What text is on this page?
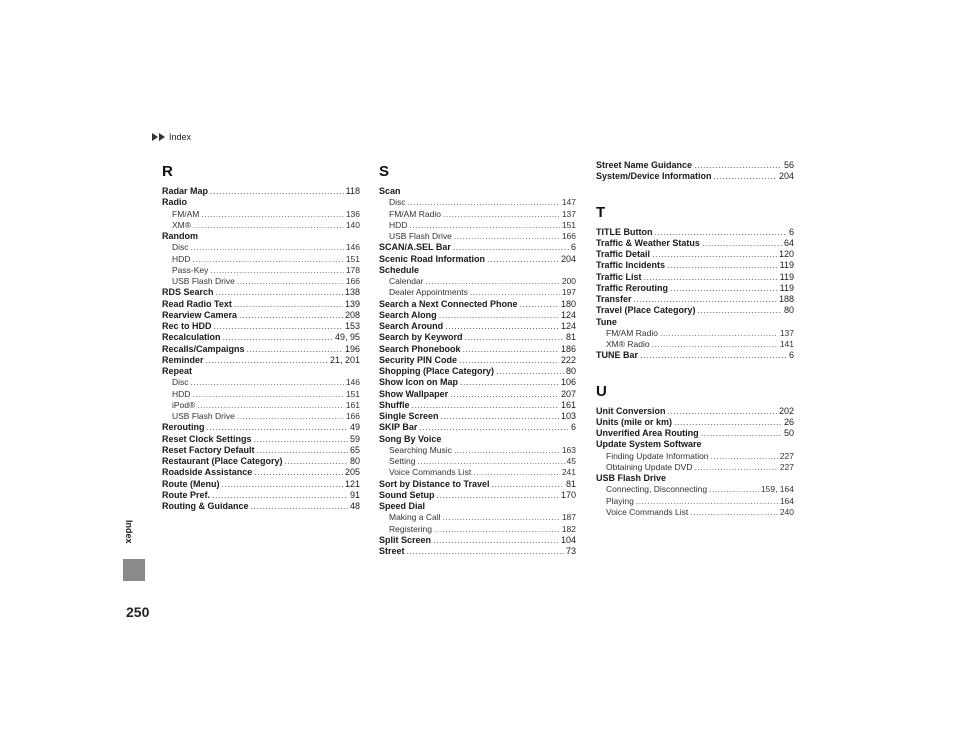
Index
Index
250
R
Radar Map .....	118
Radio
FM/AM .....	136
XM® .....	140
Random
Disc .....	146
HDD .....	151
Pass-Key .....	178
USB Flash Drive .....	166
RDS Search .....	138
Read Radio Text .....	139
Rearview Camera .....	208
Rec to HDD .....	153
Recalculation .....	49, 95
Recalls/Campaigns .....	196
Reminder .....	21, 201
Repeat
Disc .....	146
HDD .....	151
iPod® .....	161
USB Flash Drive .....	166
Rerouting .....	49
Reset Clock Settings .....	59
Reset Factory Default .....	65
Restaurant (Place Category) .....	80
Roadside Assistance .....	205
Route (Menu) .....	121
Route Pref. .....	91
Routing & Guidance .....	48
S
Scan
Disc .....	147
FM/AM Radio .....	137
HDD .....	151
USB Flash Drive .....	166
SCAN/A.SEL Bar .....	6
Scenic Road Information .....	204
Schedule
Calendar .....	200
Dealer Appointments .....	197
Search a Next Connected Phone .....	180
Search Along .....	124
Search Around .....	124
Search by Keyword .....	81
Search Phonebook .....	186
Security PIN Code .....	222
Shopping (Place Category) .....	80
Show Icon on Map .....	106
Show Wallpaper .....	207
Shuffle .....	161
Single Screen .....	103
SKIP Bar .....	6
Song By Voice
Searching Music .....	163
Setting .....	45
Voice Commands List .....	241
Sort by Distance to Travel .....	81
Sound Setup .....	170
Speed Dial
Making a Call .....	187
Registering .....	182
Split Screen .....	104
Street .....	73
Street Name Guidance .....	56
System/Device Information .....	204
T
TITLE Button .....	6
Traffic & Weather Status .....	64
Traffic Detail .....	120
Traffic Incidents .....	119
Traffic List .....	119
Traffic Rerouting .....	119
Transfer .....	188
Travel (Place Category) .....	80
Tune
FM/AM Radio .....	137
XM® Radio .....	141
TUNE Bar .....	6
U
Unit Conversion .....	202
Units (mile or km) .....	26
Unverified Area Routing .....	50
Update System Software
Finding Update Information .....	227
Obtaining Update DVD .....	227
USB Flash Drive
Connecting, Disconnecting .....	159, 164
Playing .....	164
Voice Commands List .....	240
